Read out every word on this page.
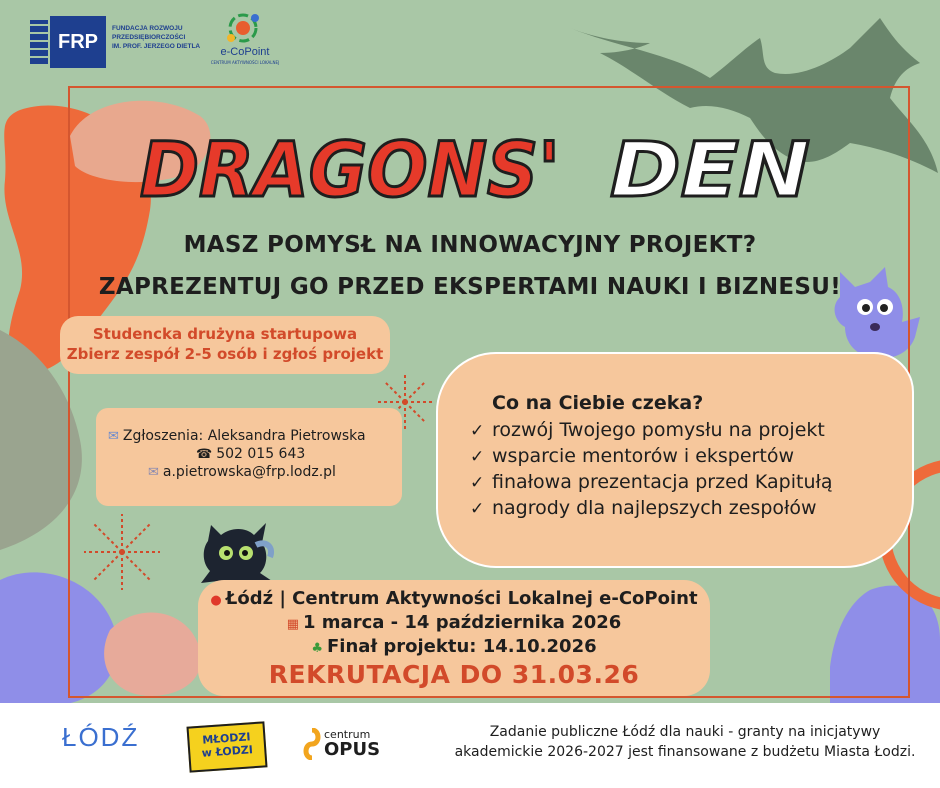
FRP
FUNDACJA ROZWOJU
PRZEDSIĘBIORCZOŚCI
IM. PROF. JERZEGO DIETLA	e-CoPoint
CENTRUM AKTYWNOŚCI LOKALNEJ
DRAGONS' DEN
MASZ POMYSŁ NA INNOWACYJNY PROJEKT?
ZAPREZENTUJ GO PRZED EKSPERTAMI NAUKI I BIZNESU!
Studencka drużyna startupowa
Zbierz zespół 2-5 osób i zgłoś projekt
✉ Zgłoszenia: Aleksandra Pietrowska
☎ 502 015 643
✉ a.pietrowska@frp.lodz.pl
Co na Ciebie czeka?
✓ rozwój Twojego pomysłu na projekt
✓ wsparcie mentorów i ekspertów
✓ finałowa prezentacja przed Kapitułą
✓ nagrody dla najlepszych zespołów
● Łódź | Centrum Aktywności Lokalnej e-CoPoint
▦ 1 marca - 14 października 2026
♣ Finał projektu: 14.10.2026
REKRUTACJA DO 31.03.26
ŁÓDŹ	MŁODZI
w ŁODZI
centrum
OPUS
Zadanie publiczne Łódź dla nauki - granty na inicjatywy
akademickie 2026-2027 jest finansowane z budżetu Miasta Łodzi.
